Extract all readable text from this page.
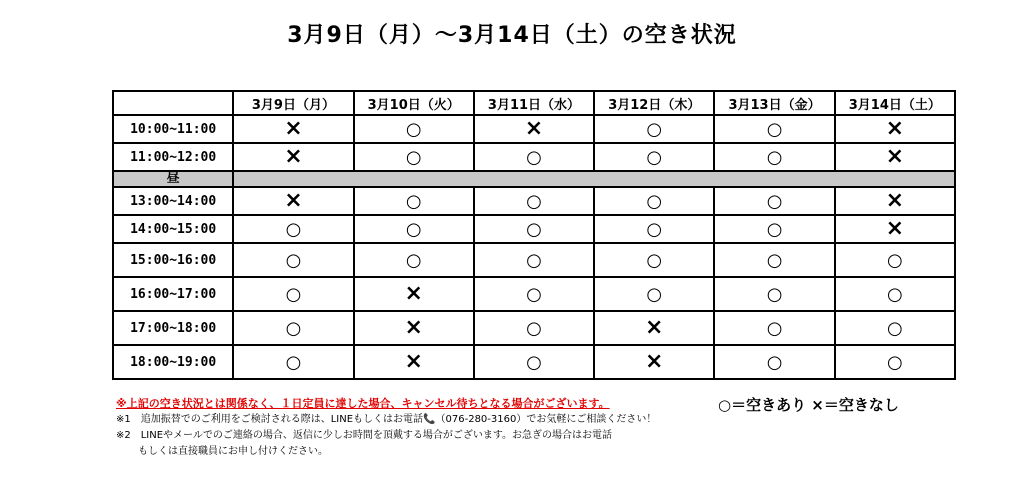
3月9日（月）～3月14日（土）の空き状況
	3月9日（月）	3月10日（火）	3月11日（水）	3月12日（木）	3月13日（金）	3月14日（土）
10:00~11:00	×	○	×	○	○	×
11:00~12:00	×	○	○	○	○	×
昼						
13:00~14:00	×	○	○	○	○	×
14:00~15:00	○	○	○	○	○	×
15:00~16:00	○	○	○	○	○	○
16:00~17:00	○	×	○	○	○	○
17:00~18:00	○	×	○	×	○	○
18:00~19:00	○	×	○	×	○	○
※上記の空き状況とは関係なく、１日定員に達した場合、キャンセル待ちとなる場合がございます。
※1　追加振替でのご利用をご検討される際は、LINEもしくはお電話📞（076-280-3160）でお気軽にご相談ください！
※2　LINEやメールでのご連絡の場合、返信に少しお時間を頂戴する場合がございます。お急ぎの場合はお電話
もしくは直接職員にお申し付けください。
○＝空きあり ×＝空きなし
